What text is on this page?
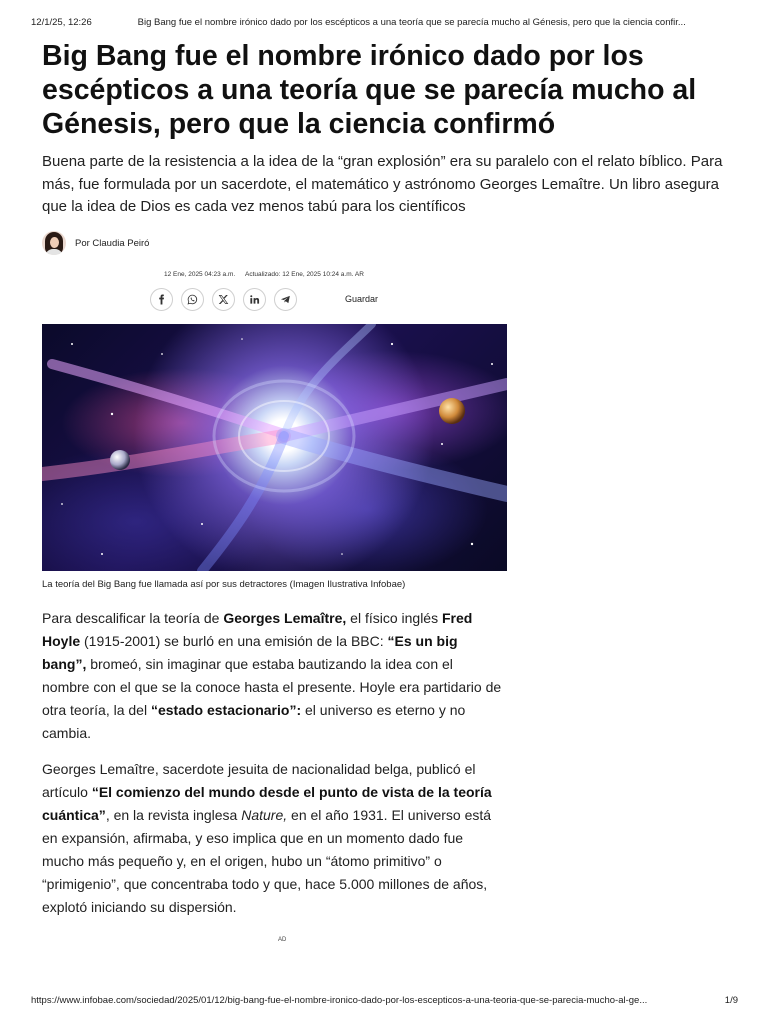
12/1/25, 12:26	Big Bang fue el nombre irónico dado por los escépticos a una teoría que se parecía mucho al Génesis, pero que la ciencia confir...
Big Bang fue el nombre irónico dado por los escépticos a una teoría que se parecía mucho al Génesis, pero que la ciencia confirmó

Buena parte de la resistencia a la idea de la “gran explosión” era su paralelo con el relato bíblico. Para más, fue formulada por un sacerdote, el matemático y astrónomo Georges Lemaître. Un libro asegura que la idea de Dios es cada vez menos tabú para los científicos

Por Claudia Peiró
12 Ene, 2025 04:23 a.m. Actualizado: 12 Ene, 2025 10:24 a.m. AR
Guardar
La teoría del Big Bang fue llamada así por sus detractores (Imagen Ilustrativa Infobae)

Para descalificar la teoría de Georges Lemaître, el físico inglés Fred Hoyle (1915-2001) se burló en una emisión de la BBC: “Es un big bang”, bromeó, sin imaginar que estaba bautizando la idea con el nombre con el que se la conoce hasta el presente. Hoyle era partidario de otra teoría, la del “estado estacionario”: el universo es eterno y no cambia.

Georges Lemaître, sacerdote jesuita de nacionalidad belga, publicó el artículo “El comienzo del mundo desde el punto de vista de la teoría cuántica”, en la revista inglesa Nature, en el año 1931. El universo está en expansión, afirmaba, y eso implica que en un momento dado fue mucho más pequeño y, en el origen, hubo un “átomo primitivo” o “primigenio”, que concentraba todo y que, hace 5.000 millones de años, explotó iniciando su dispersión.

AD
https://www.infobae.com/sociedad/2025/01/12/big-bang-fue-el-nombre-ironico-dado-por-los-escepticos-a-una-teoria-que-se-parecia-mucho-al-ge...	1/9
